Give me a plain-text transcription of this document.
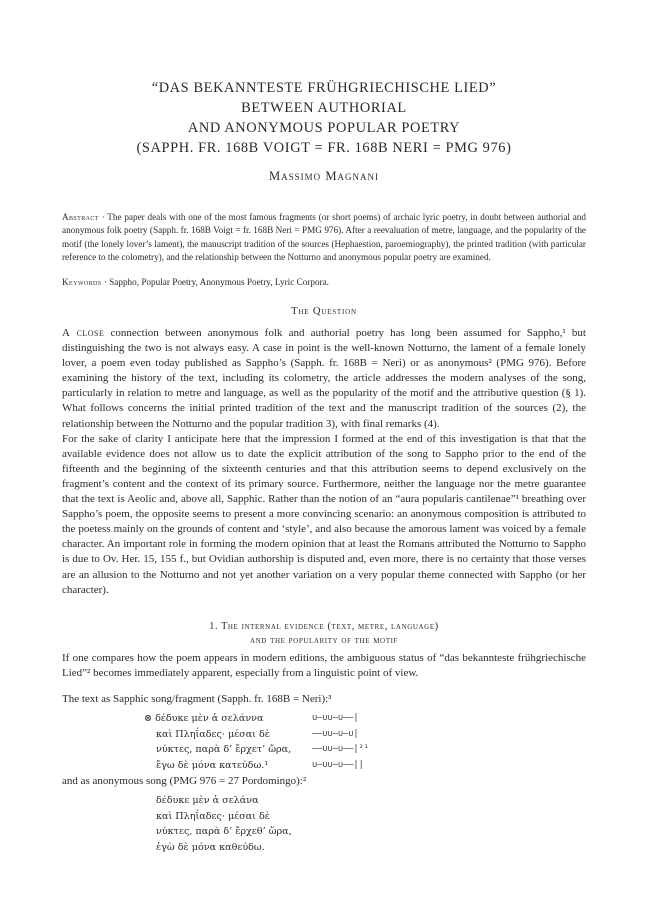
“DAS BEKANNTESTE FRÜHGRIECHISCHE LIED”
BETWEEN AUTHORIAL
AND ANONYMOUS POPULAR POETRY
(SAPPH. FR. 168B VOIGT = FR. 168B NERI = PMG 976)
Massimo Magnani
Abstract · The paper deals with one of the most famous fragments (or short poems) of archaic lyric poetry, in doubt between authorial and anonymous folk poetry (Sapph. fr. 168B Voigt = fr. 168B Neri = PMG 976). After a reevaluation of metre, language, and the popularity of the motif (the lonely lover’s lament), the manuscript tradition of the sources (Hephaestion, paroemiography), the printed tradition (with particular reference to the colometry), and the relationship between the Notturno and anonymous popular poetry are examined.
Keywords · Sappho, Popular Poetry, Anonymous Poetry, Lyric Corpora.
The Question

A close connection between anonymous folk and authorial poetry has long been assumed for Sappho,¹ but distinguishing the two is not always easy. A case in point is the well-known Notturno, the lament of a female lonely lover, a poem even today published as Sappho’s (Sapph. fr. 168B = Neri) or as anonymous² (PMG 976). Before examining the history of the text, including its colometry, the article addresses the modern analyses of the song, particularly in relation to metre and language, as well as the popularity of the motif and the attributive question (§ 1). What follows concerns the initial printed tradition of the text and the manuscript tradition of the sources (2), the relationship between the Notturno and the popular tradition 3), with final remarks (4).

For the sake of clarity I anticipate here that the impression I formed at the end of this investigation is that that the available evidence does not allow us to date the explicit attribution of the song to Sappho prior to the end of the fifteenth and the beginning of the sixteenth centuries and that this attribution seems to depend exclusively on the fragment’s content and the context of its primary source. Furthermore, neither the language nor the metre guarantee that the text is Aeolic and, above all, Sapphic. Rather than the notion of an “aura popularis cantilenae”¹ breathing over Sappho’s poem, the opposite seems to present a more convincing scenario: an anonymous composition is attributed to the poetess mainly on the grounds of content and ‘style’, and also because the amorous lament was voiced by a female character. An important role in forming the modern opinion that at least the Romans attributed the Notturno to Sappho is due to Ov. Her. 15, 155 f., but Ovidian authorship is disputed and, even more, there is no certainty that those verses are an allusion to the Notturno and not yet another variation on a very popular theme connected with Sappho (or her character).

1. The internal evidence (text, metre, language)
and the popularity of the motif
If one compares how the poem appears in modern editions, the ambiguous status of “das bekannteste frühgriechische Lied”² becomes immediately apparent, especially from a linguistic point of view.
The text as Sapphic song/fragment (Sapph. fr. 168B = Neri):³
⊗ δέδυκε μὲν ἀ σελάννα	∪–∪∪–∪––|
καὶ Πληΐαδες· μέσαι δὲ	––∪∪–∪–∪|
νύκτες, παρὰ δ’ ἔρχετ’ ὤρα, ––∪∪–∪––|²¹
ἔγω δὲ μόνα κατεύδω.¹	∪–∪∪–∪––||
and as anonymous song (PMG 976 = 27 Pordomingo):²
δέδυκε μὲν ἁ σελάνα
καὶ Πληΐαδες· μέσαι δὲ
νύκτες, παρὰ δ’ ἔρχεθ’ ὥρα,
ἐγὼ δὲ μόνα καθεύδω.
